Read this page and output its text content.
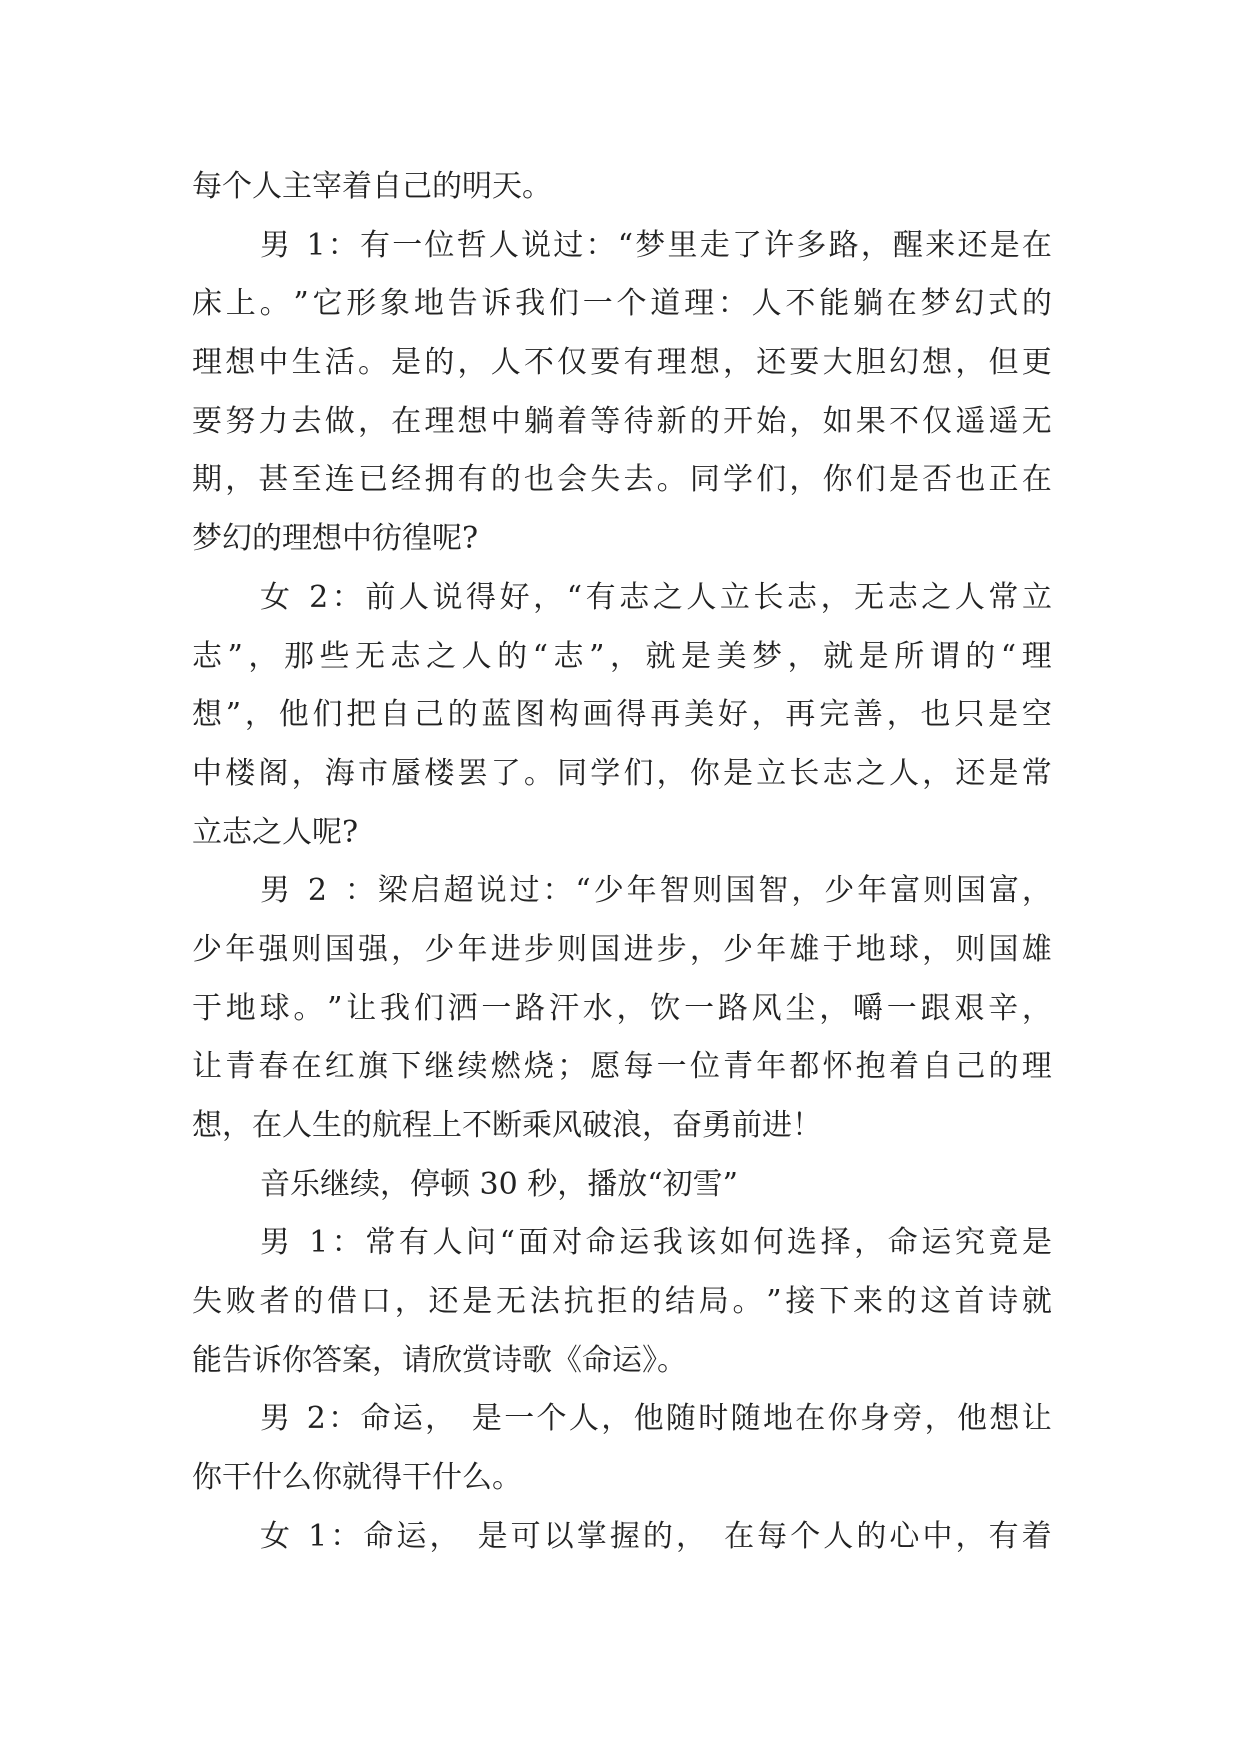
每个人主宰着自己的明天。
男
1 ： 有 一 位 哲 人 说 过 ： “ 梦 里 走 了 许 多 路 ， 醒 来 还 是 在
床 上 。 ” 它 形 象 地 告 诉 我 们 一 个 道 理 ： 人 不 能 躺 在 梦 幻 式 的
理 想 中 生 活 。 是 的 ， 人 不 仅 要 有 理 想 ， 还 要 大 胆 幻 想 ， 但 更
要 努 力 去 做 ， 在 理 想 中 躺 着 等 待 新 的 开 始 ， 如 果 不 仅 遥 遥 无
期 ， 甚 至 连 已 经 拥 有 的 也 会 失 去 。 同 学 们 ， 你 们 是 否 也 正 在
梦幻的理想中彷徨呢?
女
2 ： 前 人 说 得 好 ， “ 有 志 之 人 立 长 志 ， 无 志 之 人 常 立
志 ” ， 那 些 无 志 之 人 的 “ 志 ” ， 就 是 美 梦 ， 就 是 所 谓 的 “ 理
想 ” ， 他 们 把 自 己 的 蓝 图 构 画 得 再 美 好 ， 再 完 善 ， 也 只 是 空
中 楼 阁 ， 海 市 蜃 楼 罢 了 。 同 学 们 ， 你 是 立 长 志 之 人 ， 还 是 常
立志之人呢?
男
2
： 梁 启 超 说 过 ： “ 少 年 智 则 国 智 ， 少 年 富 则 国 富 ，
少 年 强 则 国 强 ， 少 年 进 步 则 国 进 步 ， 少 年 雄 于 地 球 ， 则 国 雄
于 地 球 。 ” 让 我 们 洒 一 路 汗 水 ， 饮 一 路 风 尘 ， 嚼 一 跟 艰 辛 ，
让 青 春 在 红 旗 下 继 续 燃 烧 ； 愿 每 一 位 青 年 都 怀 抱 着 自 己 的 理
想，在人生的航程上不断乘风破浪，奋勇前进！
音乐继续，停顿 30 秒，播放“初雪”
男
1 ： 常 有 人 问 “ 面 对 命 运 我 该 如 何 选 择 ， 命 运 究 竟 是
失 败 者 的 借 口 ， 还 是 无 法 抗 拒 的 结 局 。 ” 接 下 来 的 这 首 诗 就
能告诉你答案，请欣赏诗歌《命运》。
男
2 ： 命 运 ，
是 一 个 人 ， 他 随 时 随 地 在 你 身 旁 ， 他 想 让
你干什么你就得干什么。
女
1 ： 命 运 ，
是 可 以 掌 握 的 ，
在 每 个 人 的 心 中 ， 有 着
